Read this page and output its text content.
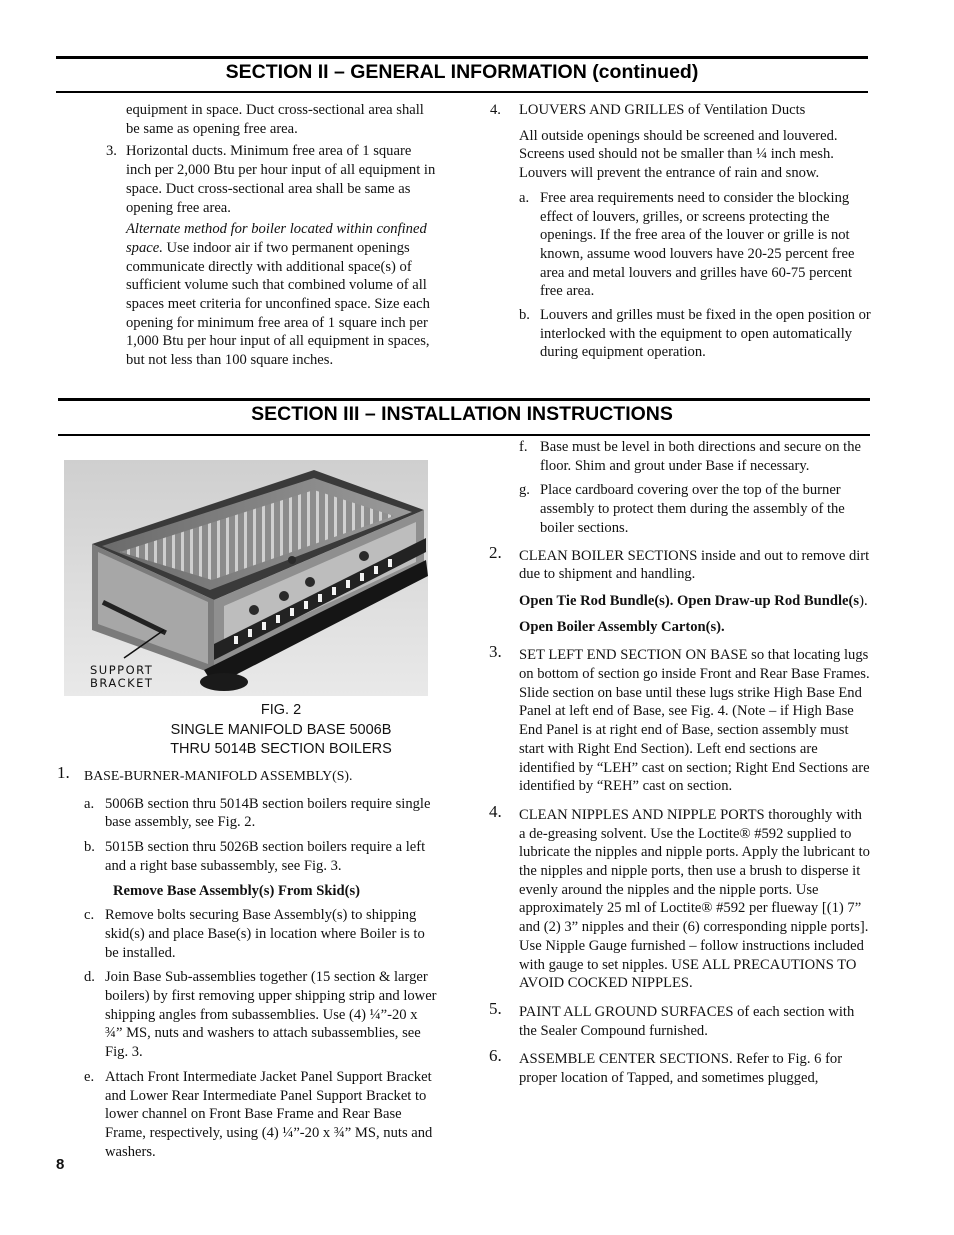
SECTION II – GENERAL INFORMATION (continued)

equipment in space. Duct cross-sectional area shall be same as opening free area.

3. Horizontal ducts. Minimum free area of 1 square inch per 2,000 Btu per hour input of all equipment in space. Duct cross-sectional area shall be same as opening free area.

Alternate method for boiler located within confined space. Use indoor air if two permanent openings communicate directly with additional space(s) of sufficient volume such that combined volume of all spaces meet criteria for unconfined space. Size each opening for minimum free area of 1 square inch per 1,000 Btu per hour input of all equipment in spaces, but not less than 100 square inches.

4. LOUVERS AND GRILLES of Ventilation Ducts

All outside openings should be screened and louvered. Screens used should not be smaller than ¼ inch mesh. Louvers will prevent the entrance of rain and snow.

a. Free area requirements need to consider the blocking effect of louvers, grilles, or screens protecting the openings. If the free area of the louver or grille is not known, assume wood louvers have 20-25 percent free area and metal louvers and grilles have 60-75 percent free area.

b. Louvers and grilles must be fixed in the open position or interlocked with the equipment to open automatically during equipment operation.

SECTION III – INSTALLATION INSTRUCTIONS
SUPPORT
BRACKET
FIG. 2
SINGLE MANIFOLD BASE 5006B
THRU 5014B SECTION BOILERS
1. BASE-BURNER-MANIFOLD ASSEMBLY(S).

a. 5006B section thru 5014B section boilers require single base assembly, see Fig. 2.

b. 5015B section thru 5026B section boilers require a left and a right base subassembly, see Fig. 3.

Remove Base Assembly(s) From Skid(s)

c. Remove bolts securing Base Assembly(s) to shipping skid(s) and place Base(s) in location where Boiler is to be installed.

d. Join Base Sub-assemblies together (15 section & larger boilers) by first removing upper shipping strip and lower shipping angles from subassemblies. Use (4) ¼”-20 x ¾” MS, nuts and washers to attach subassemblies, see Fig. 3.

e. Attach Front Intermediate Jacket Panel Support Bracket and Lower Rear Intermediate Panel Support Bracket to lower channel on Front Base Frame and Rear Base Frame, respectively, using (4) ¼”-20 x ¾” MS, nuts and washers.

f. Base must be level in both directions and secure on the floor. Shim and grout under Base if necessary.

g. Place cardboard covering over the top of the burner assembly to protect them during the assembly of the boiler sections.

2. CLEAN BOILER SECTIONS inside and out to remove dirt due to shipment and handling.

Open Tie Rod Bundle(s). Open Draw-up Rod Bundle(s).

Open Boiler Assembly Carton(s).

3. SET LEFT END SECTION ON BASE so that locating lugs on bottom of section go inside Front and Rear Base Frames. Slide section on base until these lugs strike High Base End Panel at left end of Base, see Fig. 4. (Note – if High Base End Panel is at right end of Base, section assembly must start with Right End Section). Left end sections are identified by “LEH” cast on section; Right End Sections are identified by “REH” cast on section.

4. CLEAN NIPPLES AND NIPPLE PORTS thoroughly with a de-greasing solvent. Use the Loctite® #592 supplied to lubricate the nipples and nipple ports. Apply the lubricant to the nipples and nipple ports, then use a brush to disperse it evenly around the nipples and the nipple ports. Use approximately 25 ml of Loctite® #592 per flueway [(1) 7” and (2) 3” nipples and their (6) corresponding nipple ports]. Use Nipple Gauge furnished – follow instructions included with gauge to set nipples. USE ALL PRECAUTIONS TO AVOID COCKED NIPPLES.

5. PAINT ALL GROUND SURFACES of each section with the Sealer Compound furnished.

6. ASSEMBLE CENTER SECTIONS. Refer to Fig. 6 for proper location of Tapped, and sometimes plugged,

8
